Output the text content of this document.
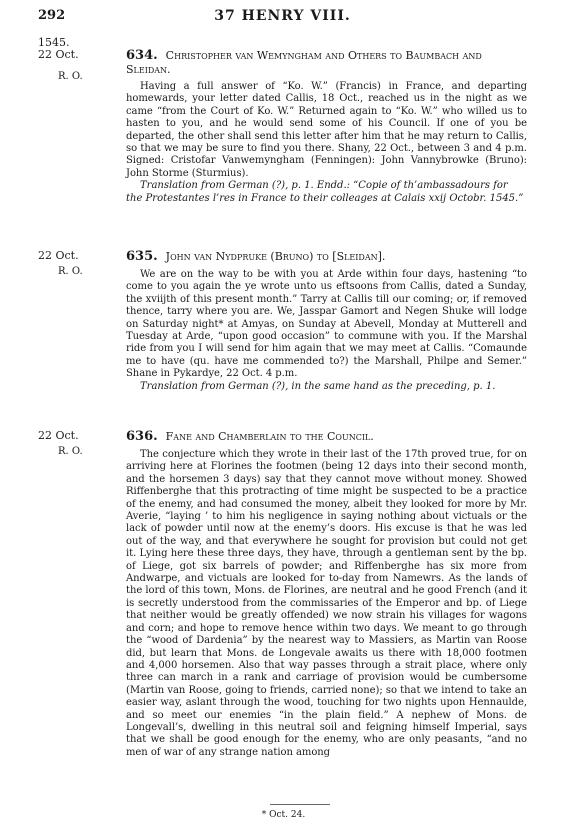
292	37 HENRY VIII.
1545.
22 Oct.
R. O.
634. Christopher van Wemyngham and Others to Baumbach and Sleidan.

Having a full answer of “Ko. W.” (Francis) in France, and departing homewards, your letter dated Callis, 18 Oct., reached us in the night as we came “from the Court of Ko. W.” Returned again to “Ko. W.” who willed us to hasten to you, and he would send some of his Council. If one of you be departed, the other shall send this letter after him that he may return to Callis, so that we may be sure to find you there. Shany, 22 Oct., between 3 and 4 p.m. Signed: Cristofar Vanwemyngham (Fenningen): John Vannybrowke (Bruno): John Storme (Sturmius).

Translation from German (?), p. 1. Endd.: “Copie of th’ambassadours for the Protestantes l’res in France to their colleages at Calais xxij Octobr. 1545.”

22 Oct.
R. O.
635. John van Nydpruke (Bruno) to [Sleidan].

We are on the way to be with you at Arde within four days, hastening “to come to you again the ye wrote unto us eftsoons from Callis, dated a Sunday, the xviijth of this present month.” Tarry at Callis till our coming; or, if removed thence, tarry where you are. We, Jasspar Gamort and Negen Shuke will lodge on Saturday night* at Amyas, on Sunday at Abevell, Monday at Mutterell and Tuesday at Arde, “upon good occasion” to commune with you. If the Marshal ride from you I will send for him again that we may meet at Callis. “Comaunde me to have (qu. have me commended to?) the Marshall, Philpe and Semer.” Shane in Pykardye, 22 Oct. 4 p.m.

Translation from German (?), in the same hand as the preceding, p. 1.

22 Oct.
R. O.
636. Fane and Chamberlain to the Council.

The conjecture which they wrote in their last of the 17th proved true, for on arriving here at Florines the footmen (being 12 days into their second month, and the horsemen 3 days) say that they cannot move without money. Showed Riffenberghe that this protracting of time might be suspected to be a practice of the enemy, and had consumed the money, albeit they looked for more by Mr. Averie, “laying ’ to him his negligence in saying nothing about victuals or the lack of powder until now at the enemy’s doors. His excuse is that he was led out of the way, and that everywhere he sought for provision but could not get it. Lying here these three days, they have, through a gentleman sent by the bp. of Liege, got six barrels of powder; and Riffenberghe has six more from Andwarpe, and victuals are looked for to-day from Namewrs. As the lands of the lord of this town, Mons. de Florines, are neutral and he good French (and it is secretly understood from the commissaries of the Emperor and bp. of Liege that neither would be greatly offended) we now strain his villages for wagons and corn; and hope to remove hence within two days. We meant to go through the “wood of Dardenia” by the nearest way to Massiers, as Martin van Roose did, but learn that Mons. de Longevale awaits us there with 18,000 footmen and 4,000 horsemen. Also that way passes through a strait place, where only three can march in a rank and carriage of provision would be cumbersome (Martin van Roose, going to friends, carried none); so that we intend to take an easier way, aslant through the wood, touching for two nights upon Hennaulde, and so meet our enemies “in the plain field.” A nephew of Mons. de Longevall’s, dwelling in this neutral soil and feigning himself Imperial, says that we shall be good enough for the enemy, who are only peasants, “and no men of war of any strange nation among

* Oct. 24.
